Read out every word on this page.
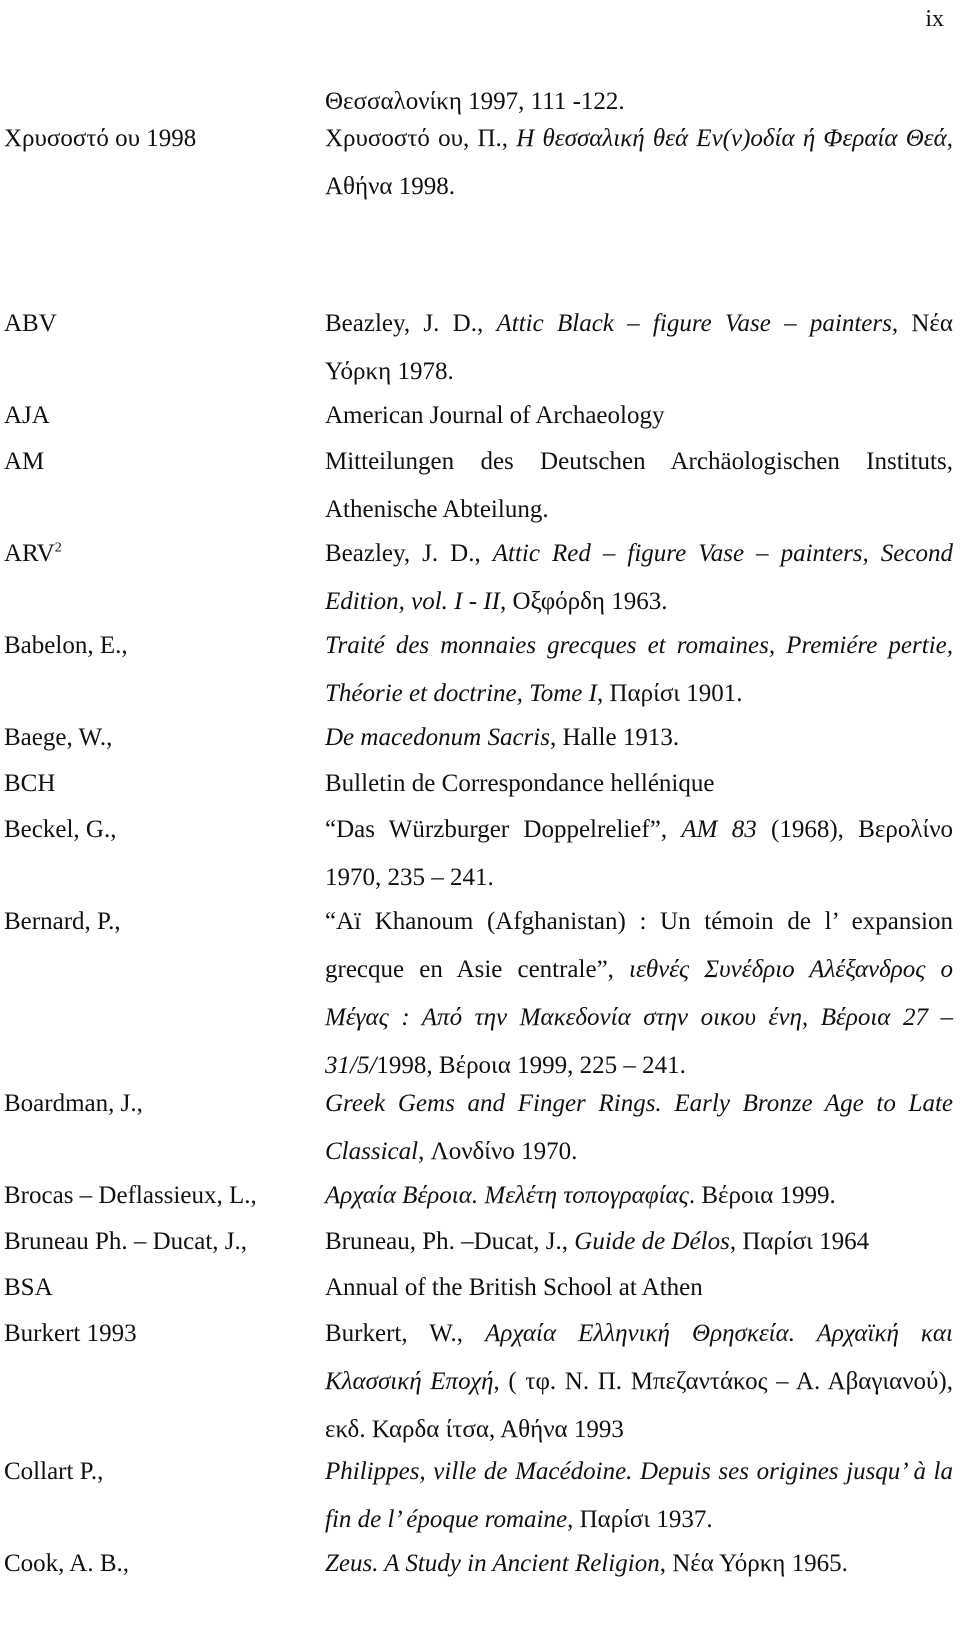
ix
Θεσσαλονίκη 1997, 111 -122.
Χρυσοστό ου 1998	Χρυσοστό ου, Π., Η θεσσαλική θεά Εν(ν)οδία ή Φεραία Θεά, Αθήνα 1998.
ABV	Beazley, J. D., Attic Black – figure Vase – painters, Νέα Υόρκη 1978.
AJA	American Journal of Archaeology
AM	Mitteilungen des Deutschen Archäologischen Instituts, Athenische Abteilung.
ARV$^2$	Beazley, J. D., Attic Red – figure Vase – painters, Second Edition, vol. I - II, Οξφόρδη 1963.
Babelon, E.,	Traité des monnaies grecques et romaines, Premiére pertie, Théorie et doctrine, Tome I, Παρίσι 1901.
Baege, W.,	De macedonum Sacris, Halle 1913.
BCH	Bulletin de Correspondance hellénique
Beckel, G.,	“Das Würzburger Doppelrelief”, AM 83 (1968), Βερολίνο 1970, 235 – 241.
Bernard, P.,	“Aï Khanoum (Afghanistan) : Un témoin de l’ expansion grecque en Asie centrale”, ιεθνές Συνέδριο Αλέξανδρος ο Μέγας : Από την Μακεδονία στην οικου ένη, Βέροια 27 – 31/5/1998, Βέροια 1999, 225 – 241.
Boardman, J.,	Greek Gems and Finger Rings. Early Bronze Age to Late Classical, Λονδίνο 1970.
Brocas – Deflassieux, L.,	Αρχαία Βέροια. Μελέτη τοπογραφίας. Βέροια 1999.
Bruneau Ph. – Ducat, J.,	Bruneau, Ph. –Ducat, J., Guide de Délos, Παρίσι 1964
BSA	Annual of the British School at Athen
Burkert 1993	Burkert, W., Αρχαία Ελληνική Θρησκεία. Αρχαϊκή και Κλασσική Εποχή, ( τφ. Ν. Π. Μπεζαντάκος – Α. Αβαγιανού), εκδ. Καρδα ίτσα, Αθήνα 1993
Collart P.,	Philippes, ville de Macédoine. Depuis ses origines jusqu’ à la fin de l’ époque romaine, Παρίσι 1937.
Cook, A. B.,	Zeus. A Study in Ancient Religion, Νέα Υόρκη 1965.
